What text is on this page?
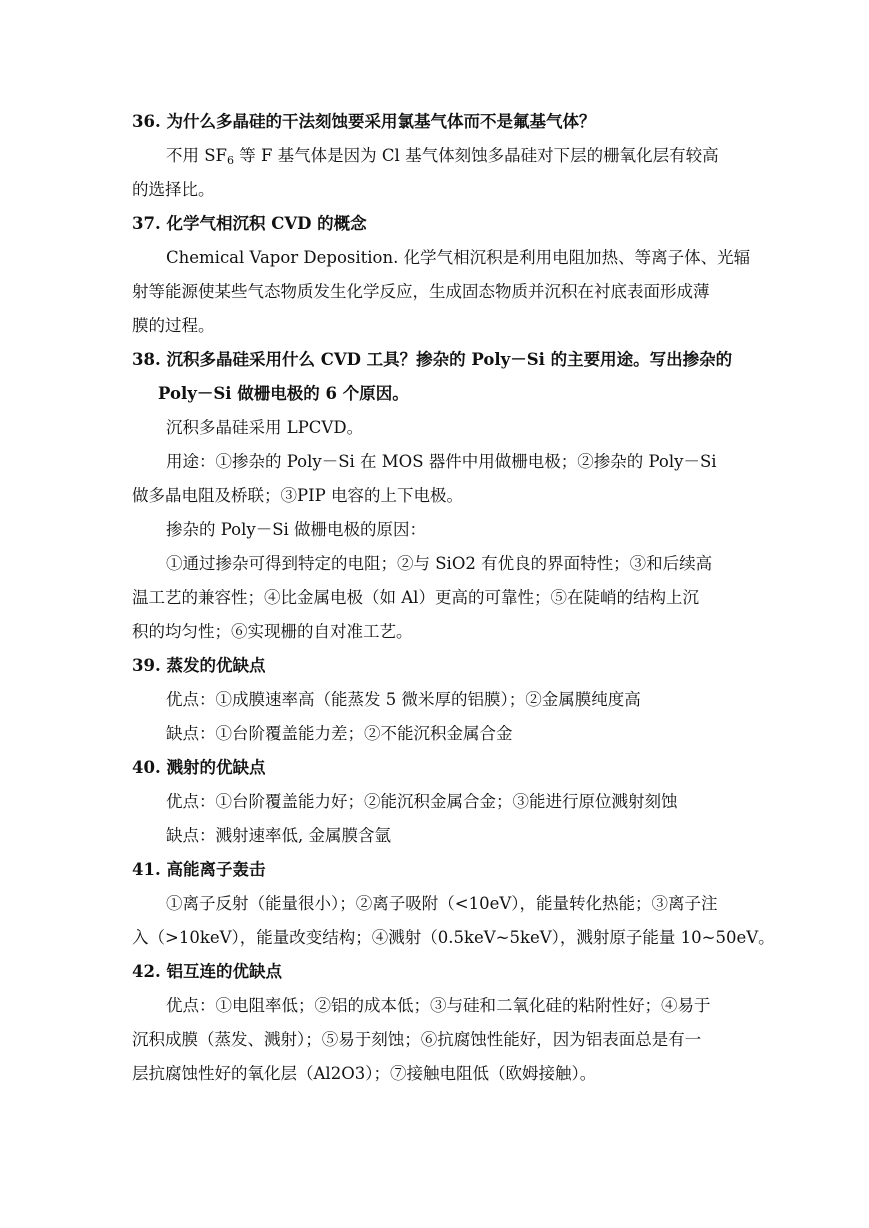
36. 为什么多晶硅的干法刻蚀要采用氯基气体而不是氟基气体？
不用 $SF_6$ 等 F 基气体是因为 Cl 基气体刻蚀多晶硅对下层的栅氧化层有较高
的选择比。
37. 化学气相沉积 CVD 的概念
Chemical Vapor Deposition. 化学气相沉积是利用电阻加热、等离子体、光辐
射等能源使某些气态物质发生化学反应，生成固态物质并沉积在衬底表面形成薄
膜的过程。
38. 沉积多晶硅采用什么 CVD 工具？掺杂的 Poly－Si 的主要用途。写出掺杂的
Poly－Si 做栅电极的 6 个原因。
沉积多晶硅采用 LPCVD。
用途：①掺杂的 Poly－Si 在 MOS 器件中用做栅电极；②掺杂的 Poly－Si
做多晶电阻及桥联；③PIP 电容的上下电极。
掺杂的 Poly－Si 做栅电极的原因：
①通过掺杂可得到特定的电阻；②与 SiO2 有优良的界面特性；③和后续高
温工艺的兼容性；④比金属电极（如 Al）更高的可靠性；⑤在陡峭的结构上沉
积的均匀性；⑥实现栅的自对准工艺。
39. 蒸发的优缺点
优点：①成膜速率高（能蒸发 5 微米厚的铝膜）；②金属膜纯度高
缺点：①台阶覆盖能力差；②不能沉积金属合金
40. 溅射的优缺点
优点：①台阶覆盖能力好；②能沉积金属合金；③能进行原位溅射刻蚀
缺点：溅射速率低, 金属膜含氩
41. 高能离子轰击
①离子反射（能量很小）；②离子吸附（<10eV），能量转化热能；③离子注
入（>10keV），能量改变结构；④溅射（0.5keV~5keV），溅射原子能量 10~50eV。
42. 铝互连的优缺点
优点：①电阻率低；②铝的成本低；③与硅和二氧化硅的粘附性好；④易于
沉积成膜（蒸发、溅射）；⑤易于刻蚀；⑥抗腐蚀性能好，因为铝表面总是有一
层抗腐蚀性好的氧化层（Al2O3）；⑦接触电阻低（欧姆接触）。
